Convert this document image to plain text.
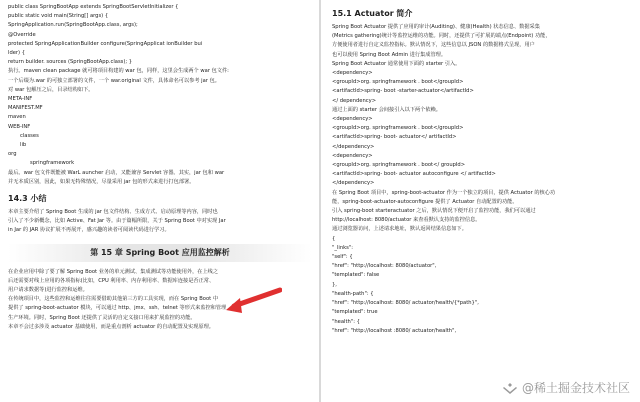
public class SpringBootApp extends SpringBootServletInitializer {
public static void main(String[] args) {
SpringApplication.run(SpringBootApp.class, args);
@Override
protected SpringApplicationBuilder configure(SpringApplicat ionBuilder bui
lder) {
return builder. sources (SpringBootApp.class); }
执行。maven clean package 就可将项目构建的 war 包，同样，这里会生成两个 war 包文件:
一个后缀为.war 的可独立部署的文件，一个 war.original 文件，具体命名可以参考 jar 包。
对 war 包解压之后，目录结构如下。
META-INF
MANIFEST.MF
maven
WEB-INF
classes
lib
org
springframework
最后。war 包文件既能被 WarL auncher 启动，又能兼容 Servlet 容器。其实，jar 包和 war
并无本质区别，因此，如果无特殊情况，尽量采用 jar 包的形式来进行打包部署。
14.3 小结
本章主要介绍了 Spring Boot 生成的 jar 包文件结构、生成方式、启动原理等内容，同时也
引入了不少新概念，比如 Active、Fat Jar 等。由于篇幅所限，关于 Spring Boot 中对实现 Jar
in Jar 的 JAR 协议扩展不再展开，感兴趣的读者可阅读代码进行学习。
第 15 章 Spring Boot 应用监控解析
在企业应用中除了要了解 Spring Boot 业务的单元测试、集成测试等功能使用外，在上线之
后还需要对线上应用的各项指标(比如，CPU 利用率、内存利用率、数据库连接是否正常、
用户请求数据等)进行监控和运维。
在传统项目中，这些监控和运维往往需要借助其他第三方的工具实现，而在 Spring Boot 中
提供了 spring-boot-actuator 模块，可以通过 http、jmx、ssh、telnet 等形式来监控和管理
生产环境。同时，Spring Boot 还提供了灵活的自定义接口用来扩展监控的功能。
本章不会过多涉及 actuator 基础使用，而是重点剖析 actuator 的自动配置及实现原理。
15.1 Actuator 简介
Spring Boot Actuator 提供了应用的审计(Auditing)、健康(Health) 状态信息、数据采集
(Metrics gathering)统计等监控运维的功能。同时，还提供了可扩展的端点(Endpoint) 功能，
方便使用者进行自定义监控指标。默认情况下，这些信息以 JSON 的数据格式呈现，用户
也可以使用 Spring Boot Admin 进行集成管理。
Spring Boot Actuator 通常使用下面的 starter 引入。
<dependency>
<groupId>org. springframework . boot</groupId>
<artifactId>spring- boot -starter-actuator</artifactId>
</ dependency>
通过上面的 starter 会间接引入以下两个依赖。
<dependency>
<groupId>org. springframework . boot</groupId>
<artifactId>spring- boot- actuator</ artifactId>
</dependency>
<dependency>
<groupId>org. springframework . boot</ groupId>
<artifactId>spring- boot- actuator autoconfigure </ artifactId>
</dependency>
在 Spring Boot 项目中，spring-boot-actuator 作为一个独立的项目，提供 Actuator 的核心功
能，spring-boot-actuator-autoconfigure 提供了 Actuator 自动配置的功能。
引入 spring-boot starteractuator 之后，默认情况下便开启了监控功能，我们可以通过
http://localhost: 8080/actuator 来查看默认支持的监控信息。
通过浏览器访问，上述请求地址，默认返回结果信息如下。
{
"_links":
"self": {
"href": "http://localhost: 8080/actuator",
"templated": false
},
"health-path": {
"href": "http://localhost: 8080/ actuator/health/{*path}",
"templated": true
"health": {
"href": "http://localhost :8080/ actuator/health",
@稀土掘金技术社区
